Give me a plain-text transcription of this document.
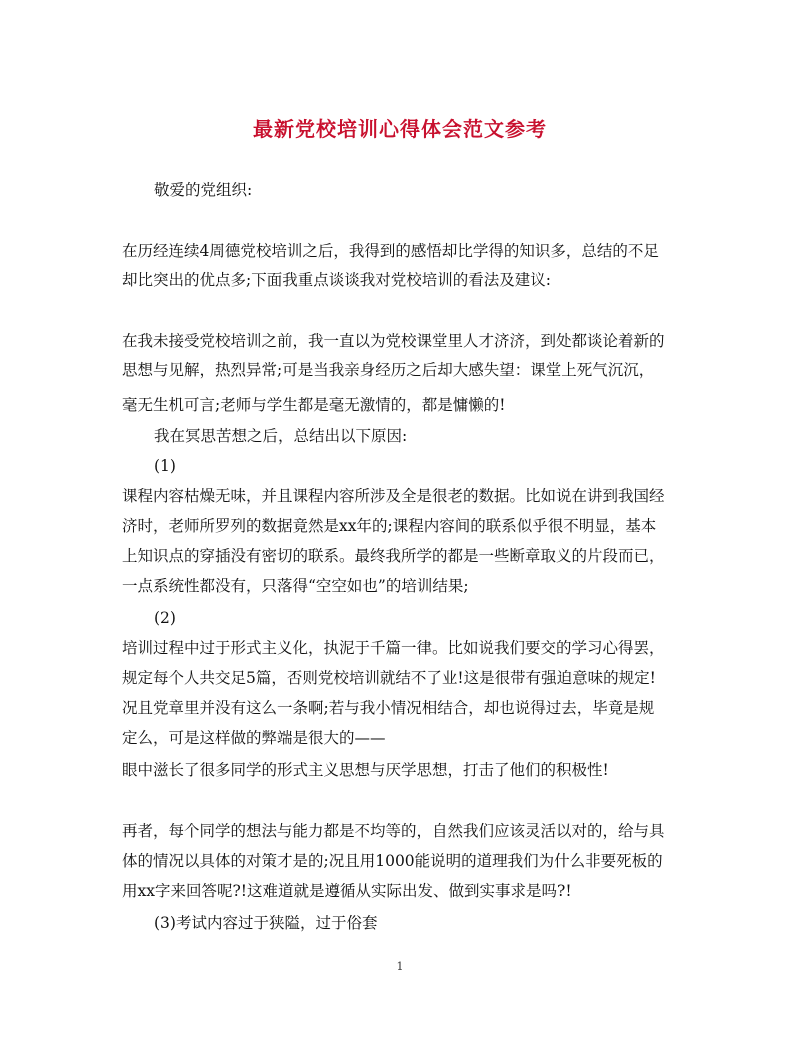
最新党校培训心得体会范文参考
敬爱的党组织:
在历经连续4周德党校培训之后，我得到的感悟却比学得的知识多，总结的不足
却比突出的优点多;下面我重点谈谈我对党校培训的看法及建议:
在我未接受党校培训之前，我一直以为党校课堂里人才济济，到处都谈论着新的
思想与见解，热烈异常;可是当我亲身经历之后却大感失望：课堂上死气沉沉，
毫无生机可言;老师与学生都是毫无激情的，都是慵懒的!
我在冥思苦想之后，总结出以下原因:
(1)
课程内容枯燥无味，并且课程内容所涉及全是很老的数据。比如说在讲到我国经
济时，老师所罗列的数据竟然是xx年的;课程内容间的联系似乎很不明显，基本
上知识点的穿插没有密切的联系。最终我所学的都是一些断章取义的片段而已，
一点系统性都没有，只落得“空空如也”的培训结果;
(2)
培训过程中过于形式主义化，执泥于千篇一律。比如说我们要交的学习心得罢，
规定每个人共交足5篇，否则党校培训就结不了业!这是很带有强迫意味的规定!
况且党章里并没有这么一条啊;若与我小情况相结合，却也说得过去，毕竟是规
定么，可是这样做的弊端是很大的——
眼中滋长了很多同学的形式主义思想与厌学思想，打击了他们的积极性!
再者，每个同学的想法与能力都是不均等的，自然我们应该灵活以对的，给与具
体的情况以具体的对策才是的;况且用1000能说明的道理我们为什么非要死板的
用xx字来回答呢?!这难道就是遵循从实际出发、做到实事求是吗?!
(3)考试内容过于狭隘，过于俗套
1
